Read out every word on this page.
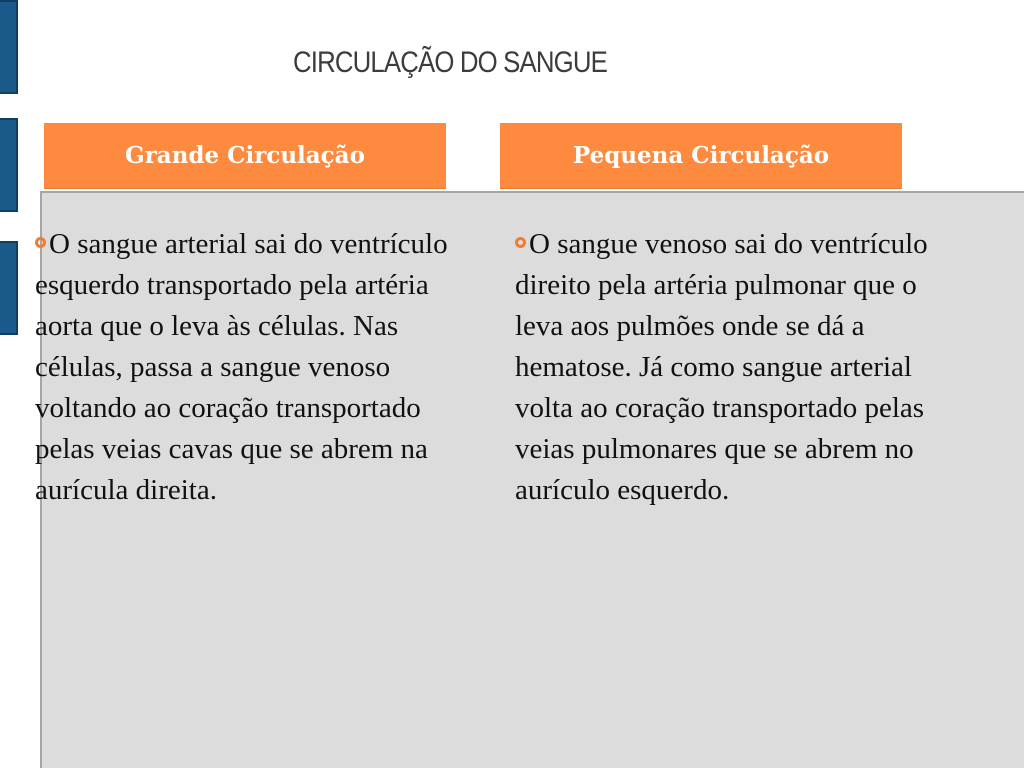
CIRCULAÇÃO DO SANGUE
Grande Circulação	Pequena Circulação
O sangue arterial sai do ventrículo esquerdo transportado pela artéria aorta que o leva às células. Nas células, passa a sangue venoso voltando ao coração transportado pelas veias cavas que se abrem na aurícula direita.
O sangue venoso sai do ventrículo direito pela artéria pulmonar que o leva aos pulmões onde se dá a hematose. Já como sangue arterial volta ao coração transportado pelas veias pulmonares que se abrem no aurículo esquerdo.
